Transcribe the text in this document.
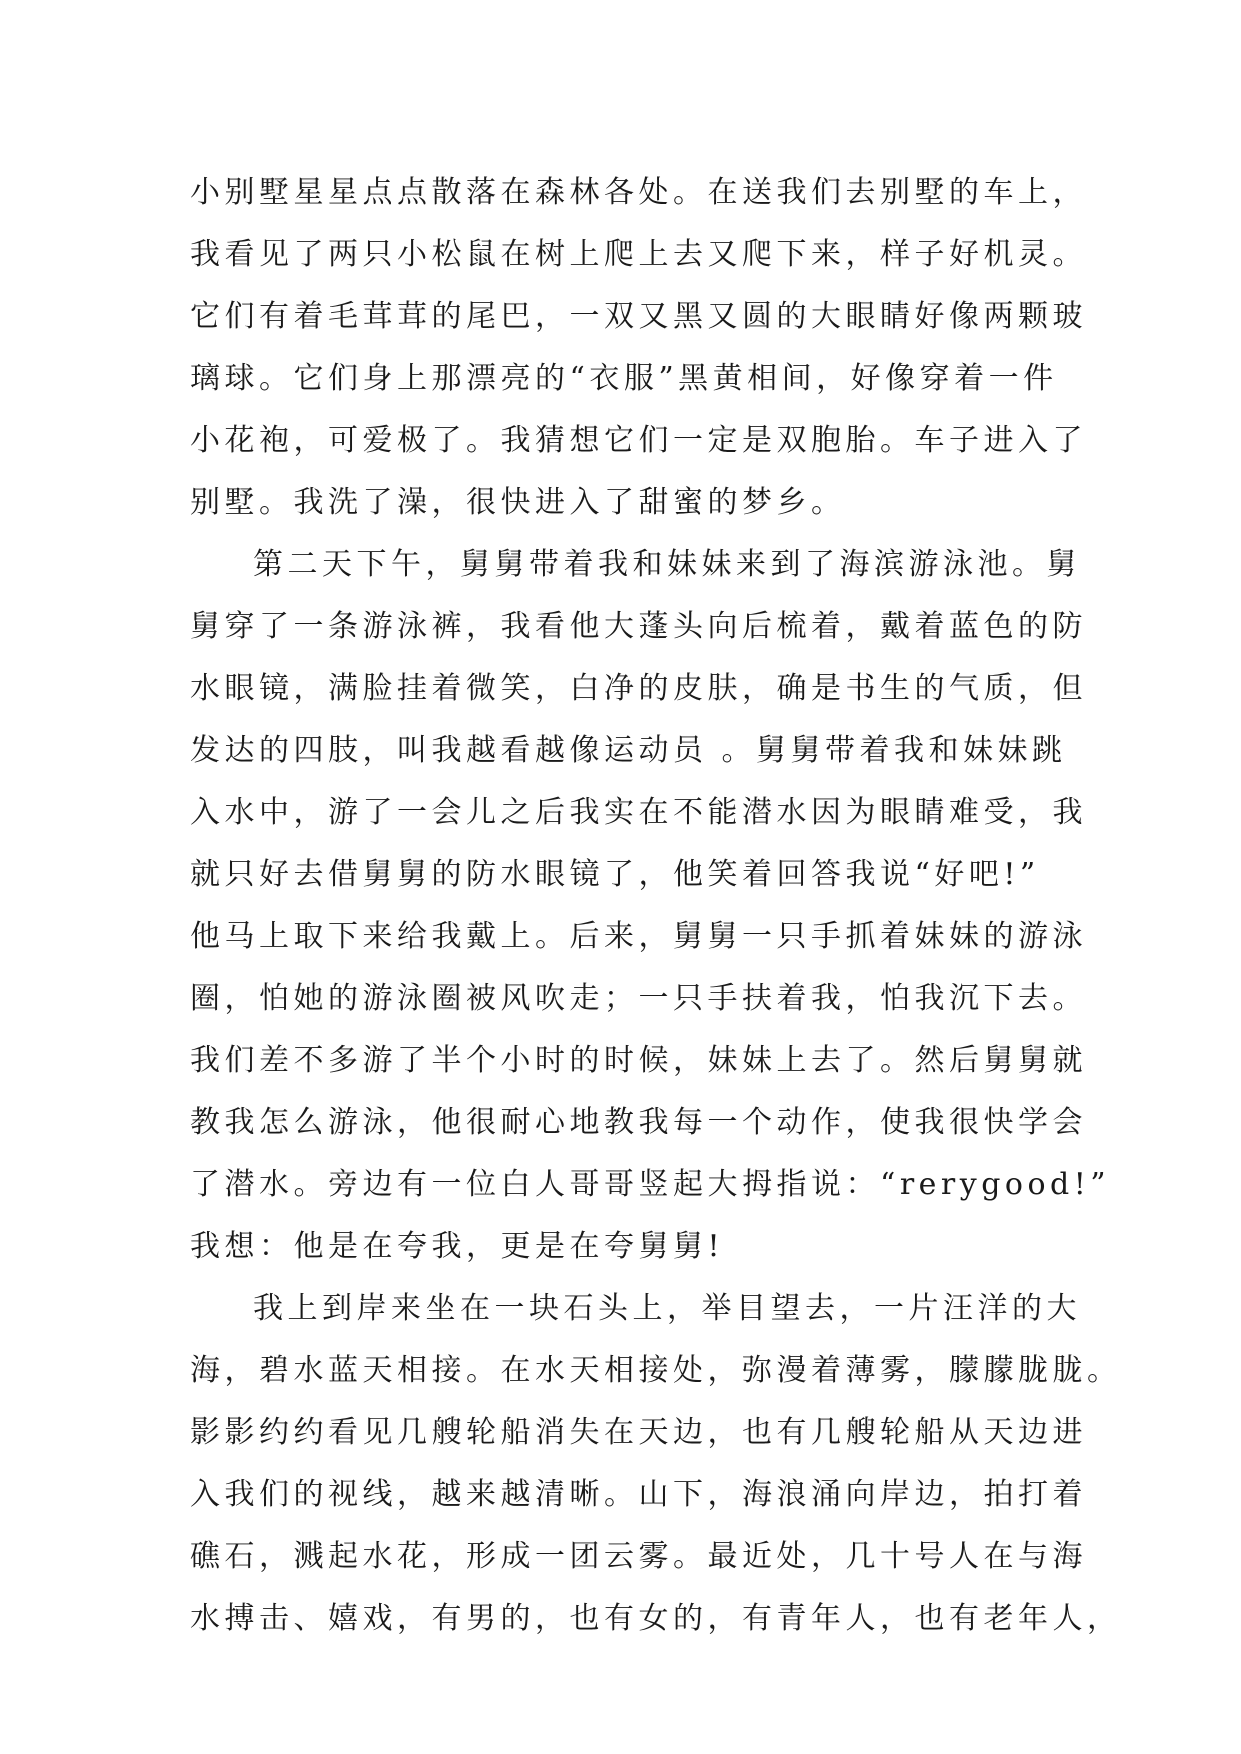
小别墅星星点点散落在森林各处。在送我们去别墅的车上，
我看见了两只小松鼠在树上爬上去又爬下来，样子好机灵。
它们有着毛茸茸的尾巴，一双又黑又圆的大眼睛好像两颗玻
璃球。它们身上那漂亮的“衣服”黑黄相间，好像穿着一件
小花袍，可爱极了。我猜想它们一定是双胞胎。车子进入了
别墅。我洗了澡，很快进入了甜蜜的梦乡。
第二天下午，舅舅带着我和妹妹来到了海滨游泳池。舅
舅穿了一条游泳裤，我看他大蓬头向后梳着，戴着蓝色的防
水眼镜，满脸挂着微笑，白净的皮肤，确是书生的气质，但
发达的四肢，叫我越看越像运动员 。舅舅带着我和妹妹跳
入水中，游了一会儿之后我实在不能潜水因为眼睛难受，我
就只好去借舅舅的防水眼镜了，他笑着回答我说“好吧!”
他马上取下来给我戴上。后来，舅舅一只手抓着妹妹的游泳
圈，怕她的游泳圈被风吹走；一只手扶着我，怕我沉下去。
我们差不多游了半个小时的时候，妹妹上去了。然后舅舅就
教我怎么游泳，他很耐心地教我每一个动作，使我很快学会
了潜水。旁边有一位白人哥哥竖起大拇指说：“rerygood!”
我想：他是在夸我，更是在夸舅舅!
我上到岸来坐在一块石头上，举目望去，一片汪洋的大
海，碧水蓝天相接。在水天相接处，弥漫着薄雾，朦朦胧胧。
影影约约看见几艘轮船消失在天边，也有几艘轮船从天边进
入我们的视线，越来越清晰。山下，海浪涌向岸边，拍打着
礁石，溅起水花，形成一团云雾。最近处，几十号人在与海
水搏击、嬉戏，有男的，也有女的，有青年人，也有老年人，
